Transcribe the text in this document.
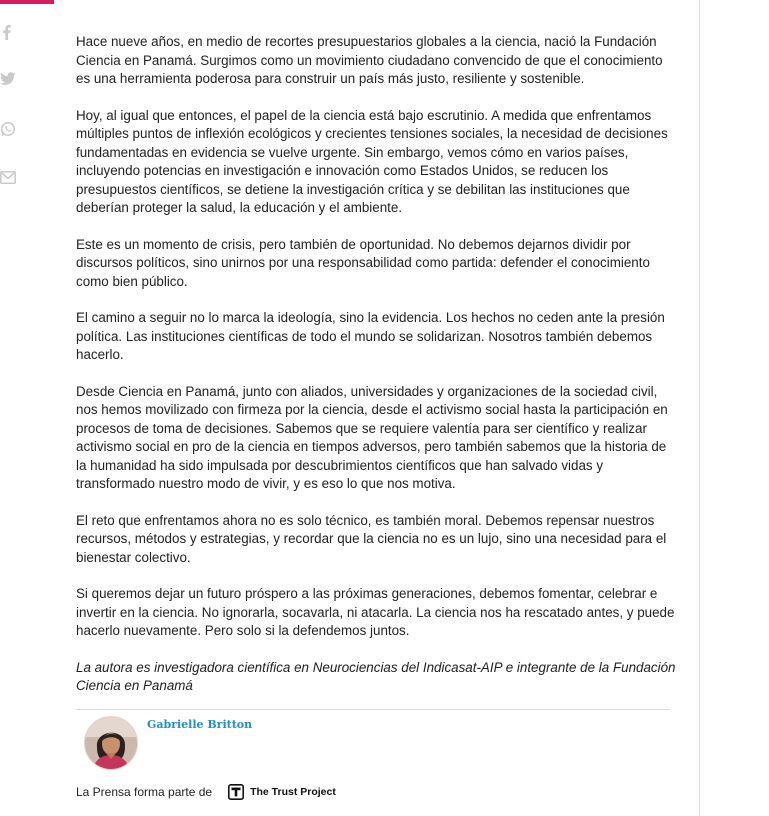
Hace nueve años, en medio de recortes presupuestarios globales a la ciencia, nació la Fundación Ciencia en Panamá. Surgimos como un movimiento ciudadano convencido de que el conocimiento es una herramienta poderosa para construir un país más justo, resiliente y sostenible.

Hoy, al igual que entonces, el papel de la ciencia está bajo escrutinio. A medida que enfrentamos múltiples puntos de inflexión ecológicos y crecientes tensiones sociales, la necesidad de decisiones fundamentadas en evidencia se vuelve urgente. Sin embargo, vemos cómo en varios países, incluyendo potencias en investigación e innovación como Estados Unidos, se reducen los presupuestos científicos, se detiene la investigación crítica y se debilitan las instituciones que deberían proteger la salud, la educación y el ambiente.

Este es un momento de crisis, pero también de oportunidad. No debemos dejarnos dividir por discursos políticos, sino unirnos por una responsabilidad como partida: defender el conocimiento como bien público.

El camino a seguir no lo marca la ideología, sino la evidencia. Los hechos no ceden ante la presión política. Las instituciones científicas de todo el mundo se solidarizan. Nosotros también debemos hacerlo.

Desde Ciencia en Panamá, junto con aliados, universidades y organizaciones de la sociedad civil, nos hemos movilizado con firmeza por la ciencia, desde el activismo social hasta la participación en procesos de toma de decisiones. Sabemos que se requiere valentía para ser científico y realizar activismo social en pro de la ciencia en tiempos adversos, pero también sabemos que la historia de la humanidad ha sido impulsada por descubrimientos científicos que han salvado vidas y transformado nuestro modo de vivir, y es eso lo que nos motiva.

El reto que enfrentamos ahora no es solo técnico, es también moral. Debemos repensar nuestros recursos, métodos y estrategias, y recordar que la ciencia no es un lujo, sino una necesidad para el bienestar colectivo.

Si queremos dejar un futuro próspero a las próximas generaciones, debemos fomentar, celebrar e invertir en la ciencia. No ignorarla, socavarla, ni atacarla. La ciencia nos ha rescatado antes, y puede hacerlo nuevamente. Pero solo si la defendemos juntos.

La autora es investigadora científica en Neurociencias del Indicasat-AIP e integrante de la Fundación Ciencia en Panamá

Gabrielle Britton
La Prensa forma parte de	The Trust Project
